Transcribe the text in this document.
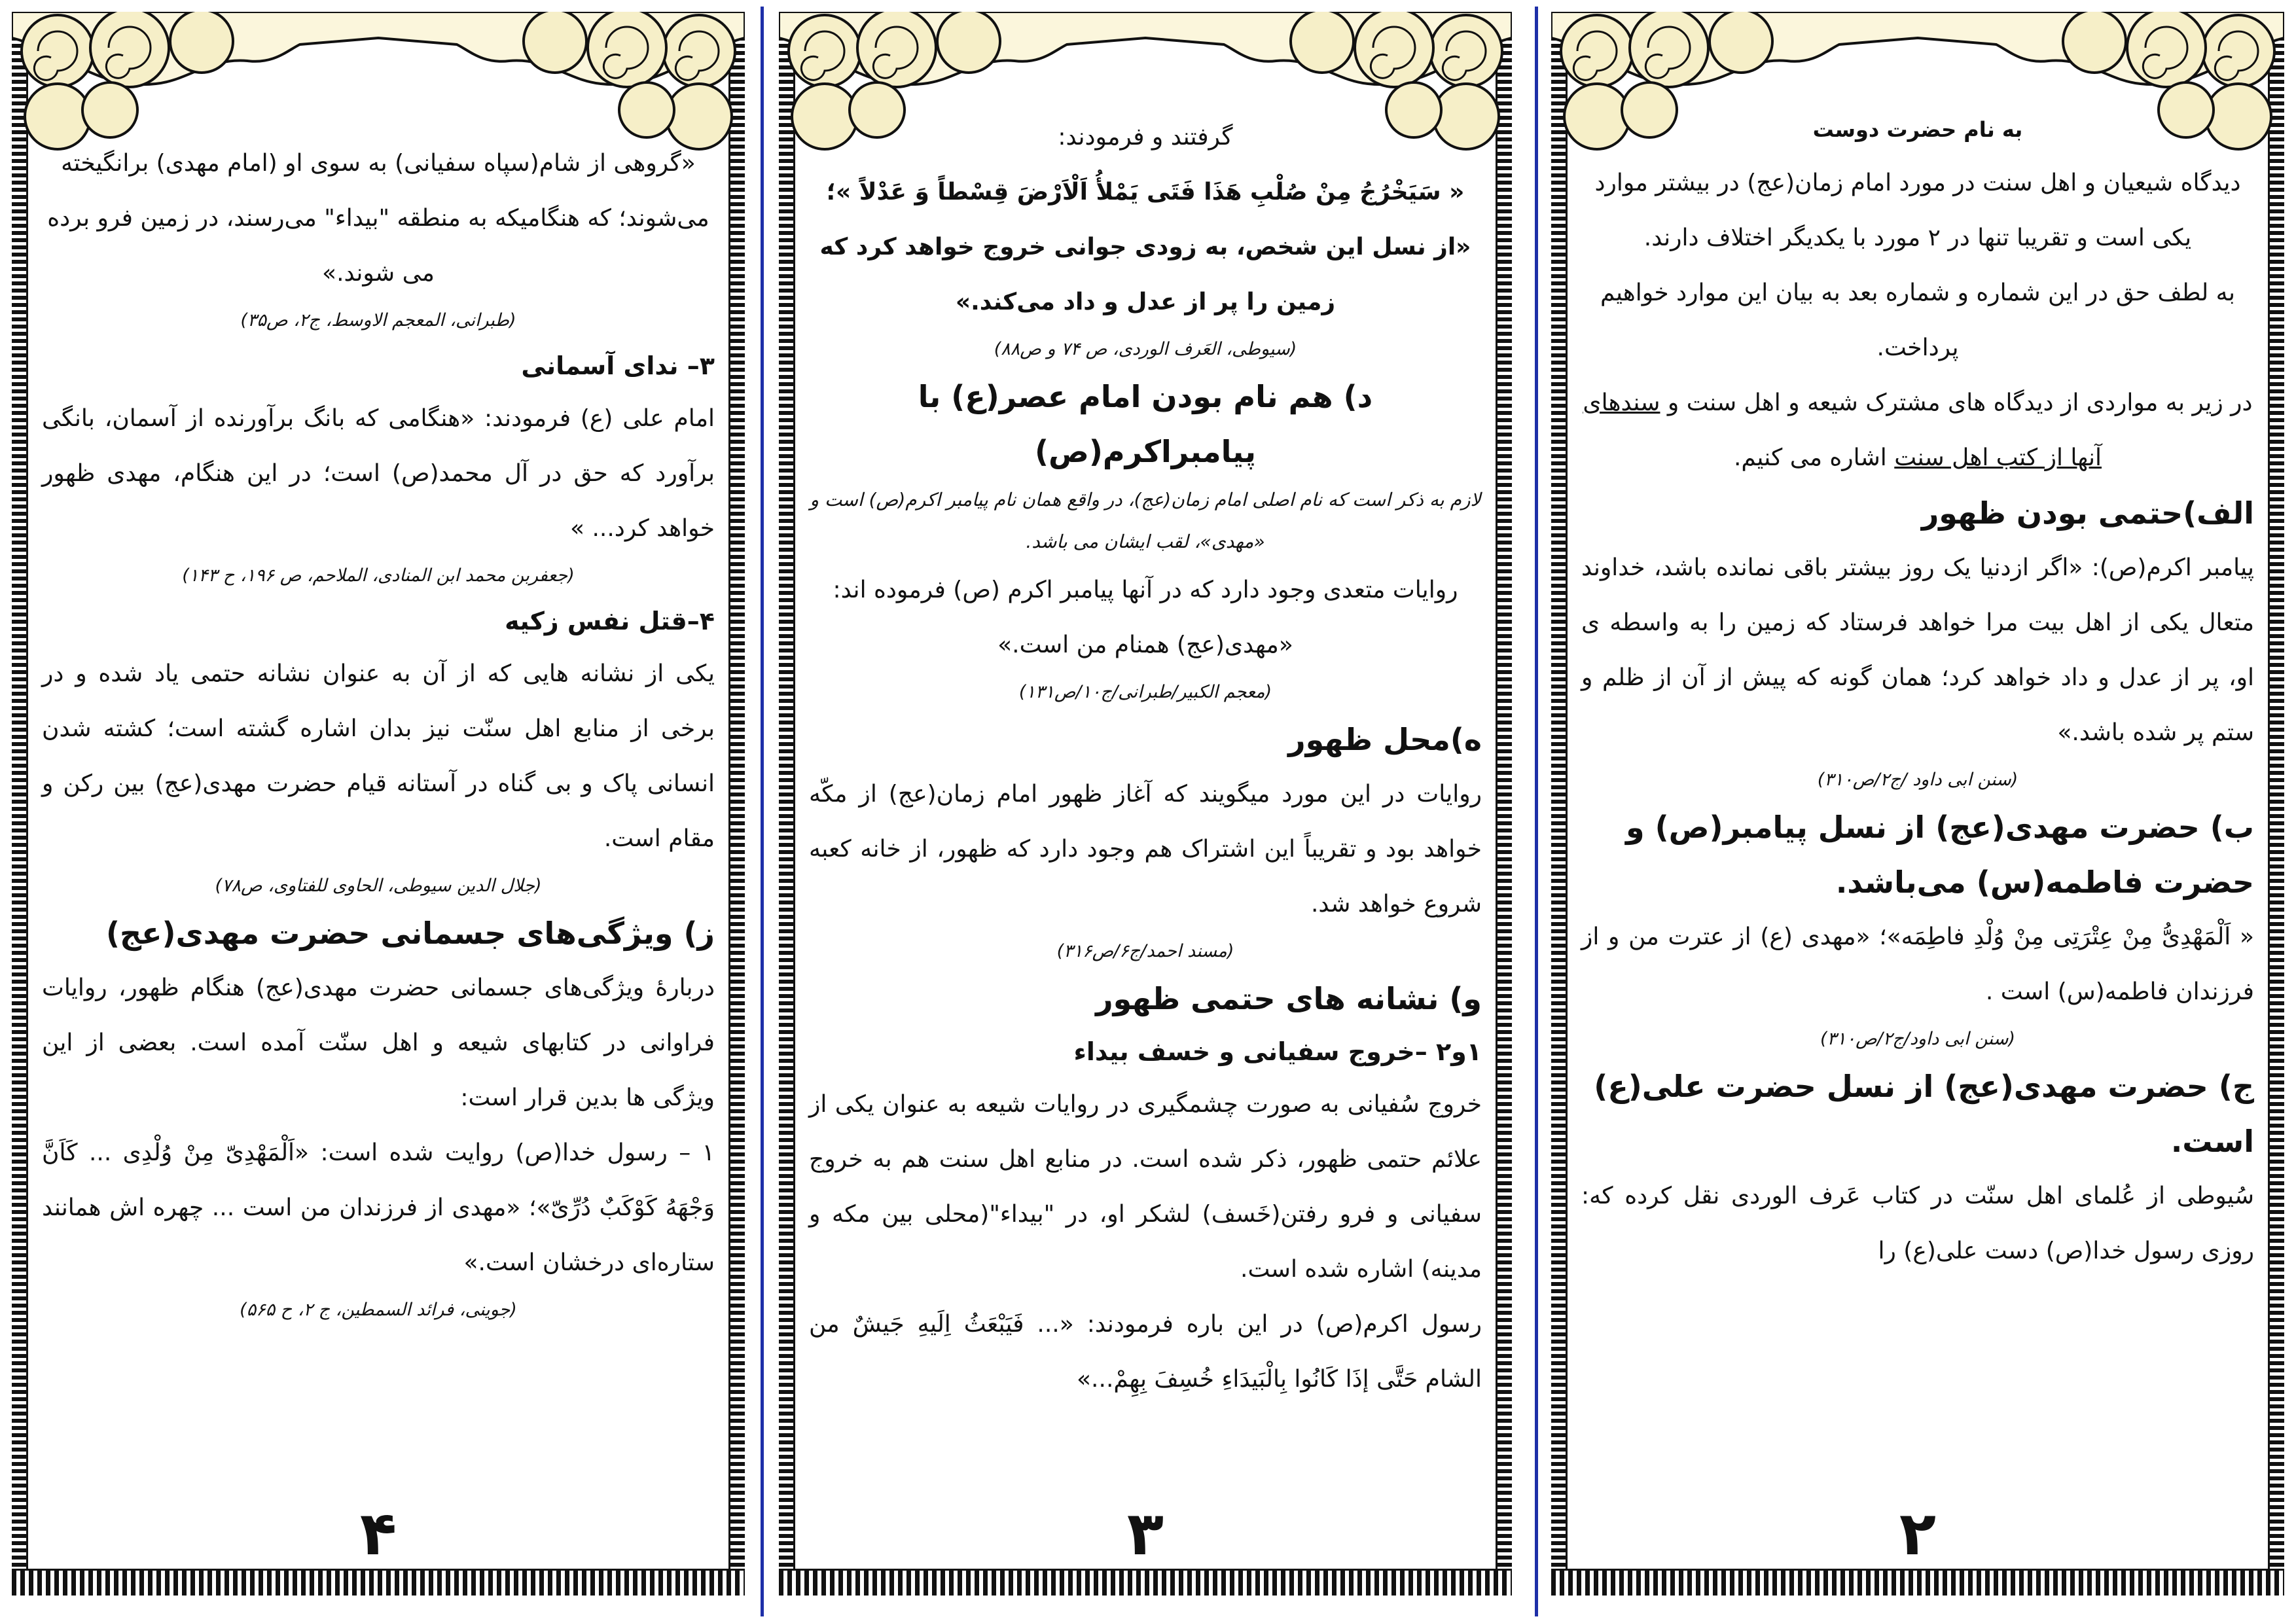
«گروهی از شام(سپاه سفیانی) به سوی او (امام مهدی) برانگیخته می‌شوند؛ که هنگامیکه به منطقه "بیداء" می‌رسند، در زمین فرو برده می شوند.»

(طبرانی، المعجم الاوسط، ج۲، ص۳۵)

۳– ندای آسمانی

امام علی (ع) فرمودند: «هنگامی که بانگ برآورنده از آسمان، بانگی برآورد که حق در آل محمد(ص) است؛ در این هنگام، مهدی ظهور خواهد کرد... »

(جعفربن محمد ابن المنادی، الملاحم، ص ۱۹۶، ح ۱۴۳)

۴–قتل نفس زکیه

یکی از نشانه هایی که از آن به عنوان نشانه حتمی یاد شده و در برخی از منابع اهل سنّت نیز بدان اشاره گشته است؛ کشته شدن انسانی پاک و بی گناه در آستانه قیام حضرت مهدی(عج) بین رکن و مقام است.

(جلال الدین سیوطی، الحاوی للفتاوی، ص۷۸)

ز) ویژگی‌های جسمانی حضرت مهدی(عج)

دربارۀ ویژگی‌های جسمانی حضرت مهدی(عج) هنگام ظهور، روایات فراوانی در کتابهای شیعه و اهل سنّت آمده است. بعضی از این ویژگی ها بدین قرار است:

۱ – رسول خدا(ص) روایت شده است: «اَلْمَهْدِیّ مِنْ وُلْدِی ... کَاَنَّ وَجْهَهُ کَوْکَبٌ دُرِّیّ»؛ «مهدی از فرزندان من است ... چهره اش همانند ستاره‌ای درخشان است.»

(جوینی، فرائد السمطین، ج ۲، ح ۵۶۵)

۴

گرفتند و فرمودند:

« سَیَخْرُجُ مِنْ صُلْبِ هَذَا فَتَی یَمْلأُ اَلْاَرْضَ قِسْطاً وَ عَدْلاً »؛ «از نسل این شخص، به زودی جوانی خروج خواهد کرد که زمین را پر از عدل و داد می‌کند.»

(سیوطی، العَرف الوردی، ص ۷۴ و ص۸۸)

د) هم نام بودن امام عصر(ع) با پیامبراکرم(ص)

لازم به ذکر است که نام اصلی امام زمان(عج)، در واقع همان نام پیامبر اکرم(ص) است و «مهدی»، لقب ایشان می باشد.

روایات متعدی وجود دارد که در آنها پیامبر اکرم (ص) فرموده اند: «مهدی(عج) همنام من است.»

(معجم الکبیر/طبرانی/ج۱۰/ص۱۳۱)

ه)محل ظهور

روایات در این مورد میگویند که آغاز ظهور امام زمان(عج) از مکّه خواهد بود و تقریباً این اشتراک هم وجود دارد که ظهور، از خانه کعبه شروع خواهد شد.

(مسند احمد/ج۶/ص۳۱۶)

و) نشانه های حتمی ظهور

۱و۲ –خروج سفیانی و خسف بیداء

خروج سُفیانی به صورت چشمگیری در روایات شیعه به عنوان یکی از علائم حتمی ظهور، ذکر شده است. در منابع اهل سنت هم به خروج سفیانی و فرو رفتن(خَسف) لشکر او، در "بیداء"(محلی بین مکه و مدینه) اشاره شده است.

رسول اکرم(ص) در این باره فرمودند: «... فَیَبْعَثُ اِلَیهِ جَیشٌ من الشام حَتَّی إذَا کَانُوا بِالْبَیدَاءِ خُسِفَ بِهِمْ...»

۳

به نام حضرت دوست

دیدگاه شیعیان و اهل سنت در مورد امام زمان(عج) در بیشتر موارد یکی است و تقریبا تنها در ۲ مورد با یکدیگر اختلاف دارند.

به لطف حق در این شماره و شماره بعد به بیان این موارد خواهیم پرداخت.

در زیر به مواردی از دیدگاه های مشترک شیعه و اهل سنت و سندهای آنها از کتب اهل سنت اشاره می کنیم.

الف)حتمی بودن ظهور

پیامبر اکرم(ص): «اگر ازدنیا یک روز بیشتر باقی نمانده باشد، خداوند متعال یکی از اهل بیت مرا خواهد فرستاد که زمین را به واسطه ی او، پر از عدل و داد خواهد کرد؛ همان گونه که پیش از آن از ظلم و ستم پر شده باشد.»

(سنن ابی داود /ج۲/ص۳۱۰)

ب) حضرت مهدی(عج) از نسل پیامبر(ص) و حضرت فاطمه(س) می‌باشد.

« اَلْمَهْدِیُّ مِنْ عِتْرَتِی مِنْ وُلْدِ فاطِمَه»؛ «مهدی (ع) از عترت من و از فرزندان فاطمه(س) است .

(سنن ابی داود/ج۲/ص۳۱۰)

ج) حضرت مهدی(عج) از نسل حضرت علی(ع) است.

سُیوطی از عُلمای اهل سنّت در کتاب عَرف الوردی نقل کرده که: روزی رسول خدا(ص) دست علی(ع) را

۲
